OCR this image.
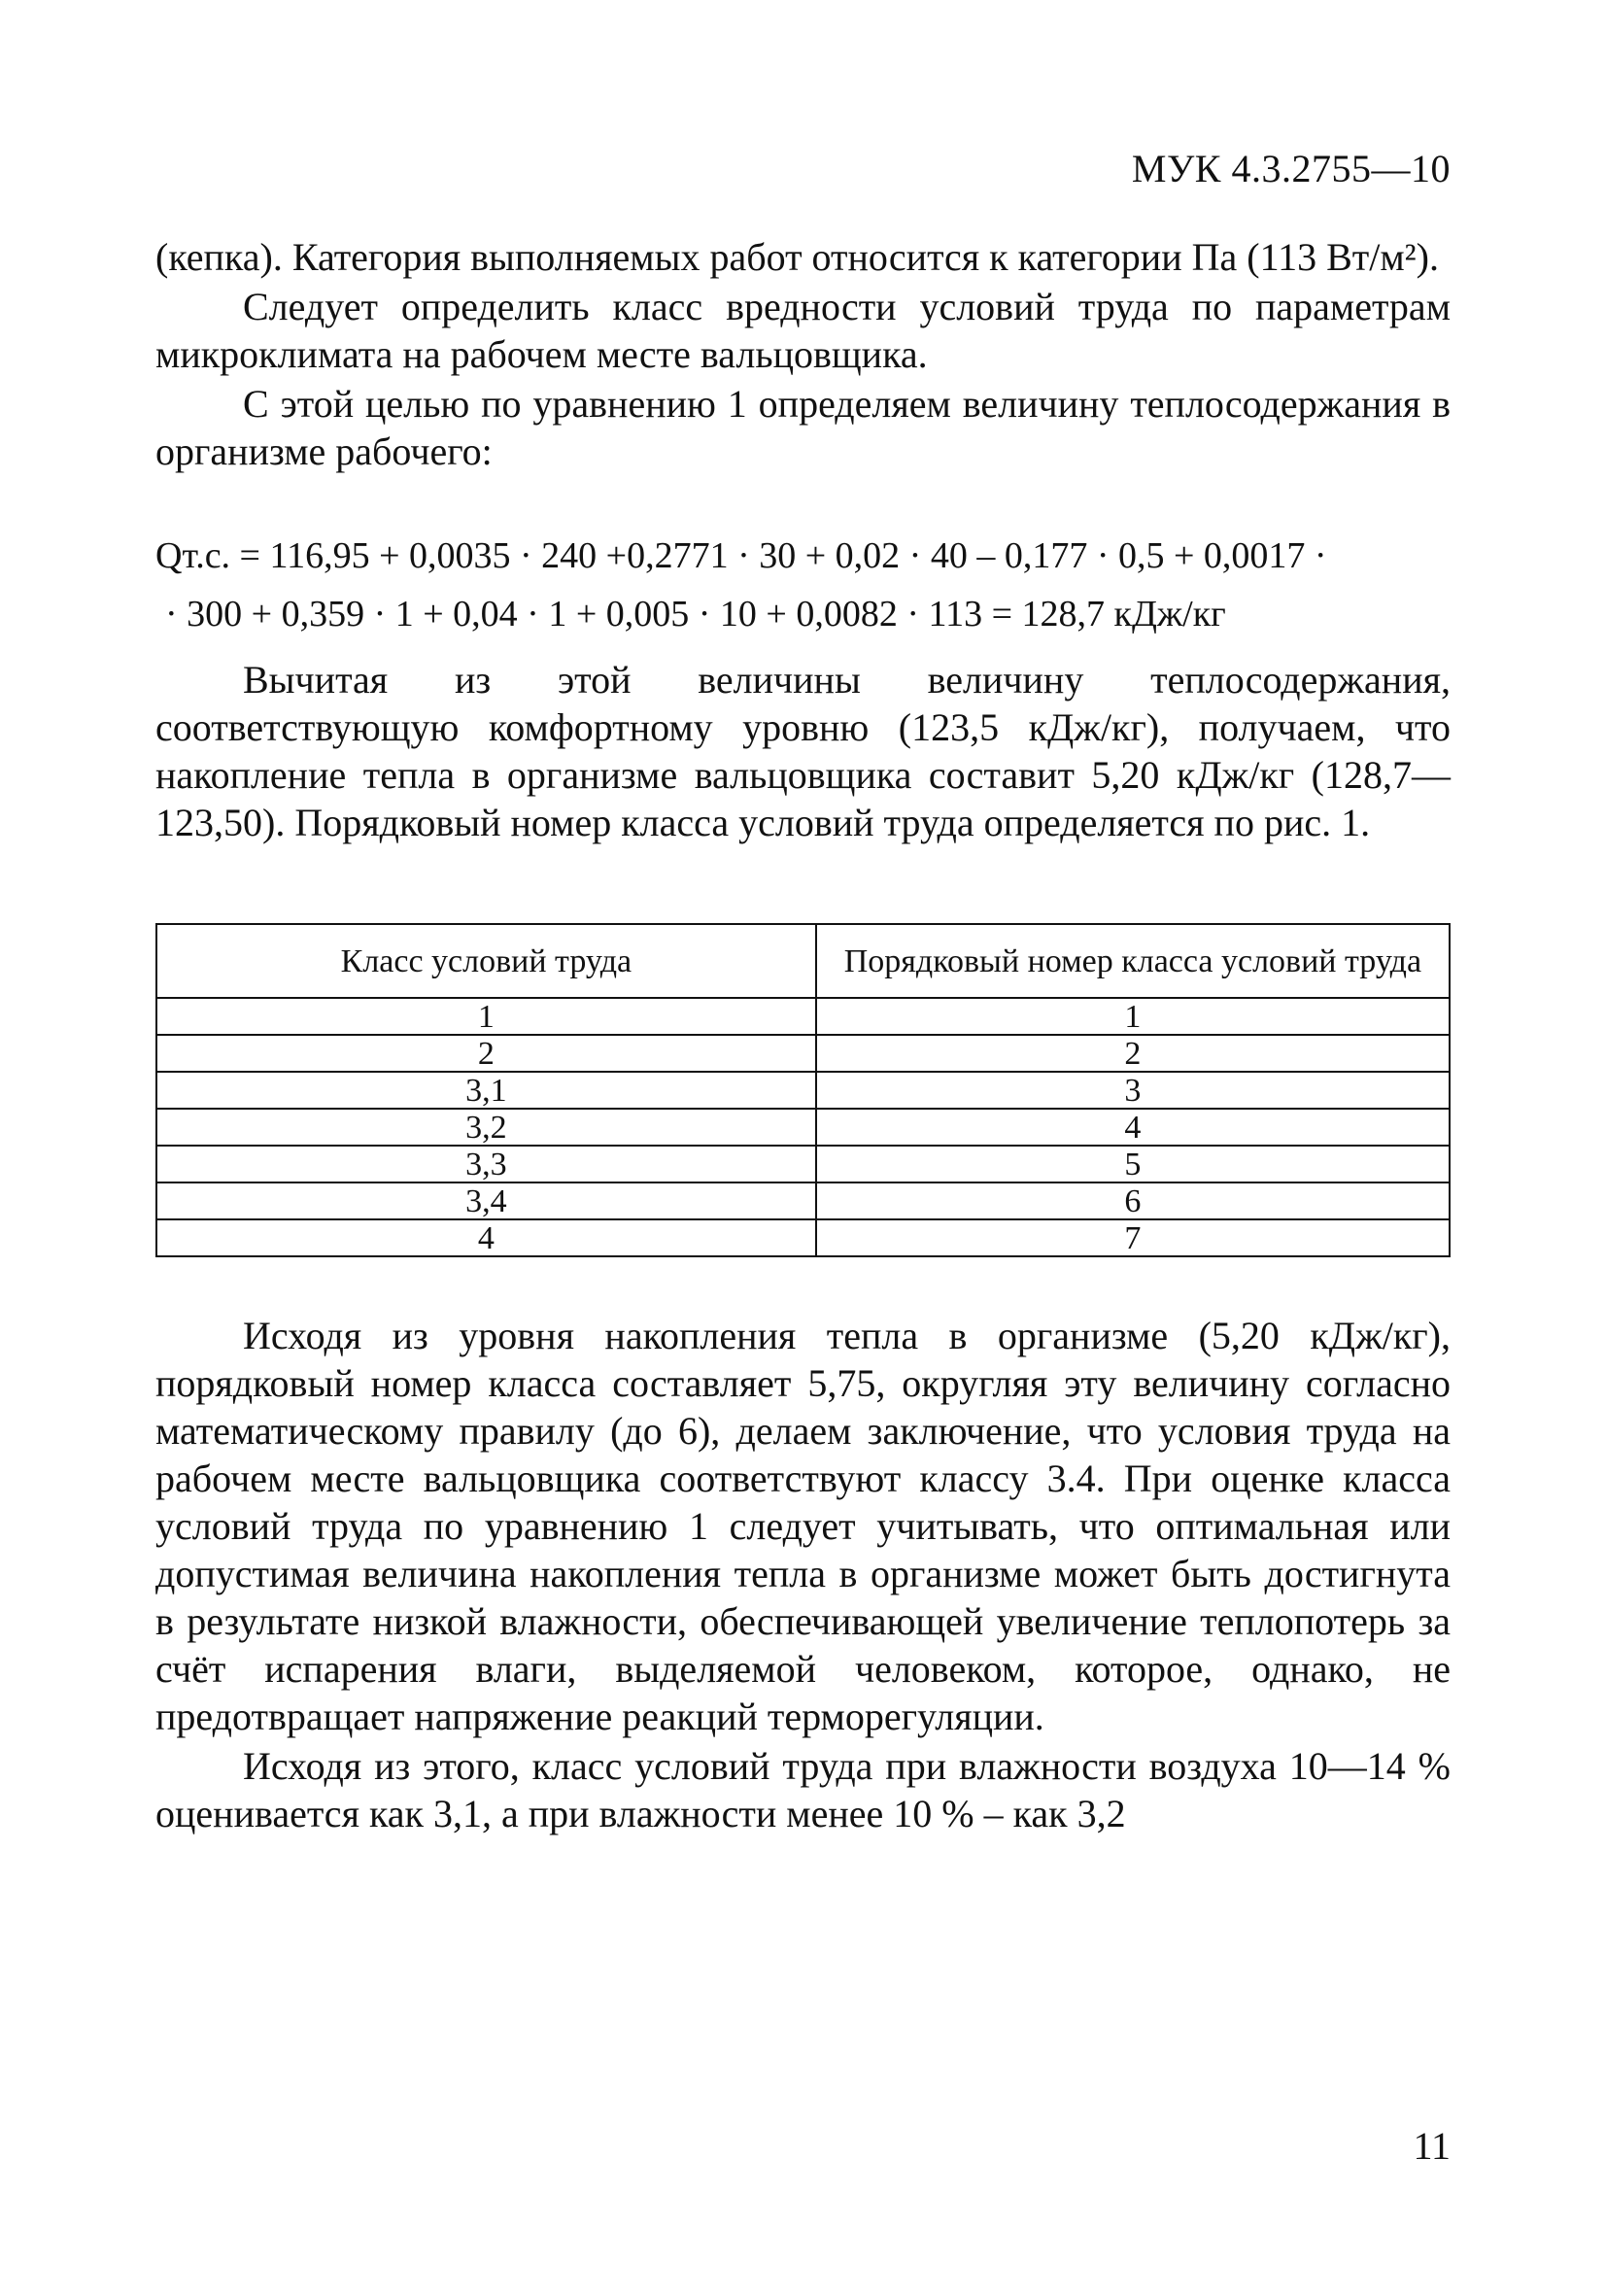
МУК 4.3.2755—10

(кепка). Категория выполняемых работ относится к категории Па (113 Вт/м²).

Следует определить класс вредности условий труда по параметрам микроклимата на рабочем месте вальцовщика.

С этой целью по уравнению 1 определяем величину теплосодержания в организме рабочего:

Qт.с. = 116,95 + 0,0035 · 240 +0,2771 · 30 + 0,02 · 40 – 0,177 · 0,5 + 0,0017 ·
· 300 + 0,359 · 1 + 0,04 · 1 + 0,005 · 10 + 0,0082 · 113 = 128,7 кДж/кг

Вычитая из этой величины величину теплосодержания, соответствующую комфортному уровню (123,5 кДж/кг), получаем, что накопление тепла в организме вальцовщика составит 5,20 кДж/кг (128,7—123,50). Порядковый номер класса условий труда определяется по рис. 1.

Класс условий труда	Порядковый номер класса условий труда
1	1
2	2
3,1	3
3,2	4
3,3	5
3,4	6
4	7

Исходя из уровня накопления тепла в организме (5,20 кДж/кг), порядковый номер класса составляет 5,75, округляя эту величину согласно математическому правилу (до 6), делаем заключение, что условия труда на рабочем месте вальцовщика соответствуют классу 3.4. При оценке класса условий труда по уравнению 1 следует учитывать, что оптимальная или допустимая величина накопления тепла в организме может быть достигнута в результате низкой влажности, обеспечивающей увеличение теплопотерь за счёт испарения влаги, выделяемой человеком, которое, однако, не предотвращает напряжение реакций терморегуляции.

Исходя из этого, класс условий труда при влажности воздуха 10—14 % оценивается как 3,1, а при влажности менее 10 % – как 3,2

11
